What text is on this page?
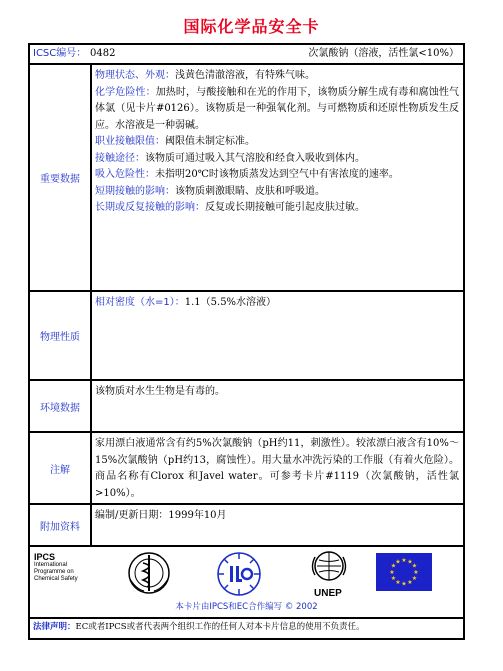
国际化学品安全卡
ICSC编号： 0482	次氯酸钠（溶液，活性氯<10%）
重要数据
物理状态、外观：浅黄色清澈溶液，有特殊气味。
化学危险性：加热时，与酸接触和在光的作用下，该物质分解生成有毒和腐蚀性气体氯（见卡片#0126）。该物质是一种强氧化剂。与可燃物质和还原性物质发生反应。水溶液是一种弱碱。
职业接触限值：阈限值未制定标准。
接触途径：该物质可通过吸入其气溶胶和经食入吸收到体内。
吸入危险性：未指明20℃时该物质蒸发达到空气中有害浓度的速率。
短期接触的影响：该物质刺激眼睛、皮肤和呼吸道。
长期或反复接触的影响：反复或长期接触可能引起皮肤过敏。
物理性质
相对密度（水=1）：1.1（5.5%水溶液）
环境数据
该物质对水生生物是有毒的。
注解
家用漂白液通常含有约5%次氯酸钠（pH约11，刺激性）。较浓漂白液含有10%～15%次氯酸钠（pH约13，腐蚀性）。用大量水冲洗污染的工作服（有着火危险）。商品名称有Clorox 和Javel water。可参考卡片#1119（次氯酸钠，活性氯>10%）。
附加资料
编制/更新日期：1999年10月
IPCS
International
Programme on
Chemical Safety
UNEP
★ ★
★
★
★
★
★
★
★
★
★
★
本卡片由IPCS和EC合作编写 © 2002
法律声明：EC或者IPCS或者代表两个组织工作的任何人对本卡片信息的使用不负责任。
